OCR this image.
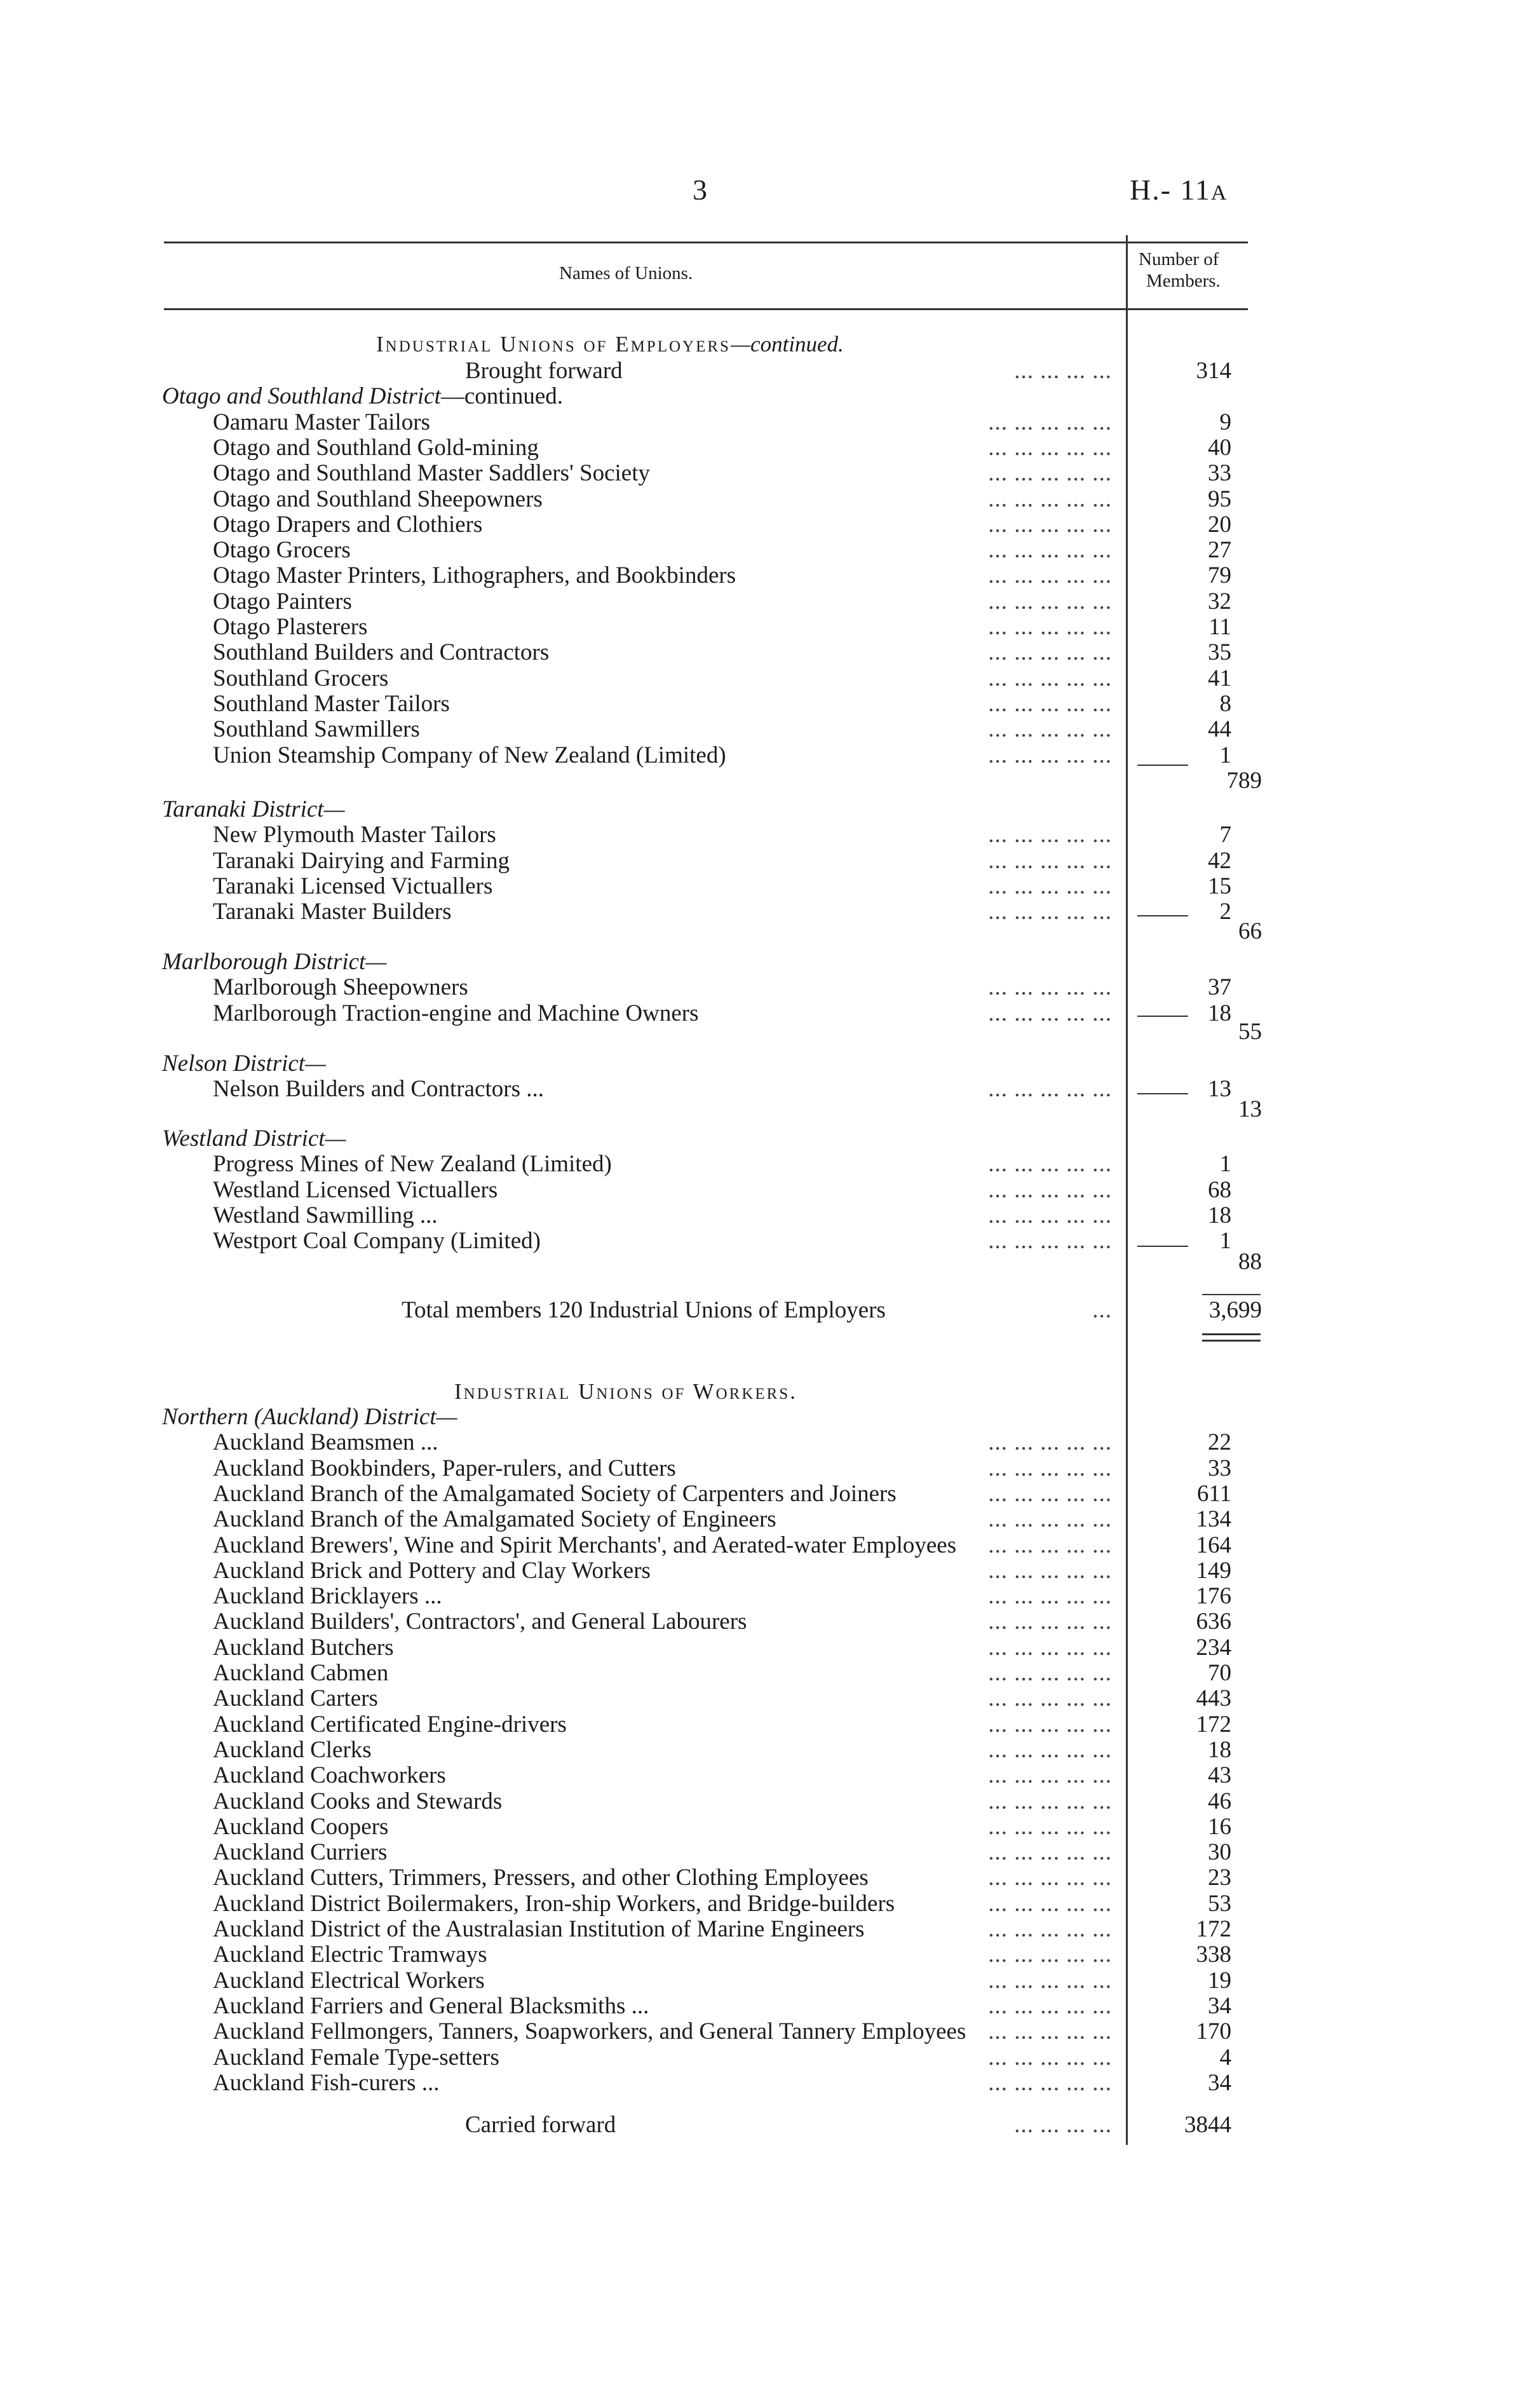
3	H.- 11A
Names of Unions.
Number of
Members.
Industrial Unions of Employers—continued.
Brought forward	... ... ... ...	314
Otago and Southland District—continued.
Oamaru Master Tailors	... ... ... ... ...	9
Otago and Southland Gold-mining	... ... ... ... ...	40
Otago and Southland Master Saddlers' Society	... ... ... ... ...	33
Otago and Southland Sheepowners	... ... ... ... ...	95
Otago Drapers and Clothiers	... ... ... ... ...	20
Otago Grocers	... ... ... ... ...	27
Otago Master Printers, Lithographers, and Bookbinders	... ... ... ... ...	79
Otago Painters	... ... ... ... ...	32
Otago Plasterers	... ... ... ... ...	11
Southland Builders and Contractors	... ... ... ... ...	35
Southland Grocers	... ... ... ... ...	41
Southland Master Tailors	... ... ... ... ...	8
Southland Sawmillers	... ... ... ... ...	44
Union Steamship Company of New Zealand (Limited)	... ... ... ... ...	1
789
Taranaki District—
New Plymouth Master Tailors	... ... ... ... ...	7
Taranaki Dairying and Farming	... ... ... ... ...	42
Taranaki Licensed Victuallers	... ... ... ... ...	15
Taranaki Master Builders	... ... ... ... ...	2
66
Marlborough District—
Marlborough Sheepowners	... ... ... ... ...	37
Marlborough Traction-engine and Machine Owners	... ... ... ... ...	18
55
Nelson District—
Nelson Builders and Contractors ...	... ... ... ... ...	13
13
Westland District—
Progress Mines of New Zealand (Limited)	... ... ... ... ...	1
Westland Licensed Victuallers	... ... ... ... ...	68
Westland Sawmilling ...	... ... ... ... ...	18
Westport Coal Company (Limited)	... ... ... ... ...	1
88
Total members 120 Industrial Unions of Employers	...	3,699
Industrial Unions of Workers.
Northern (Auckland) District—
Auckland Beamsmen ...	... ... ... ... ...	22
Auckland Bookbinders, Paper-rulers, and Cutters	... ... ... ... ...	33
Auckland Branch of the Amalgamated Society of Carpenters and Joiners	... ... ... ... ...	611
Auckland Branch of the Amalgamated Society of Engineers	... ... ... ... ...	134
Auckland Brewers', Wine and Spirit Merchants', and Aerated-water Employees	... ... ... ... ...	164
Auckland Brick and Pottery and Clay Workers	... ... ... ... ...	149
Auckland Bricklayers ...	... ... ... ... ...	176
Auckland Builders', Contractors', and General Labourers	... ... ... ... ...	636
Auckland Butchers	... ... ... ... ...	234
Auckland Cabmen	... ... ... ... ...	70
Auckland Carters	... ... ... ... ...	443
Auckland Certificated Engine-drivers	... ... ... ... ...	172
Auckland Clerks	... ... ... ... ...	18
Auckland Coachworkers	... ... ... ... ...	43
Auckland Cooks and Stewards	... ... ... ... ...	46
Auckland Coopers	... ... ... ... ...	16
Auckland Curriers	... ... ... ... ...	30
Auckland Cutters, Trimmers, Pressers, and other Clothing Employees	... ... ... ... ...	23
Auckland District Boilermakers, Iron-ship Workers, and Bridge-builders	... ... ... ... ...	53
Auckland District of the Australasian Institution of Marine Engineers	... ... ... ... ...	172
Auckland Electric Tramways	... ... ... ... ...	338
Auckland Electrical Workers	... ... ... ... ...	19
Auckland Farriers and General Blacksmiths ...	... ... ... ... ...	34
Auckland Fellmongers, Tanners, Soapworkers, and General Tannery Employees ... ... ... ... ...	170
Auckland Female Type-setters	... ... ... ... ...	4
Auckland Fish-curers ...	... ... ... ... ...	34
Carried forward	... ... ... ...	3844
